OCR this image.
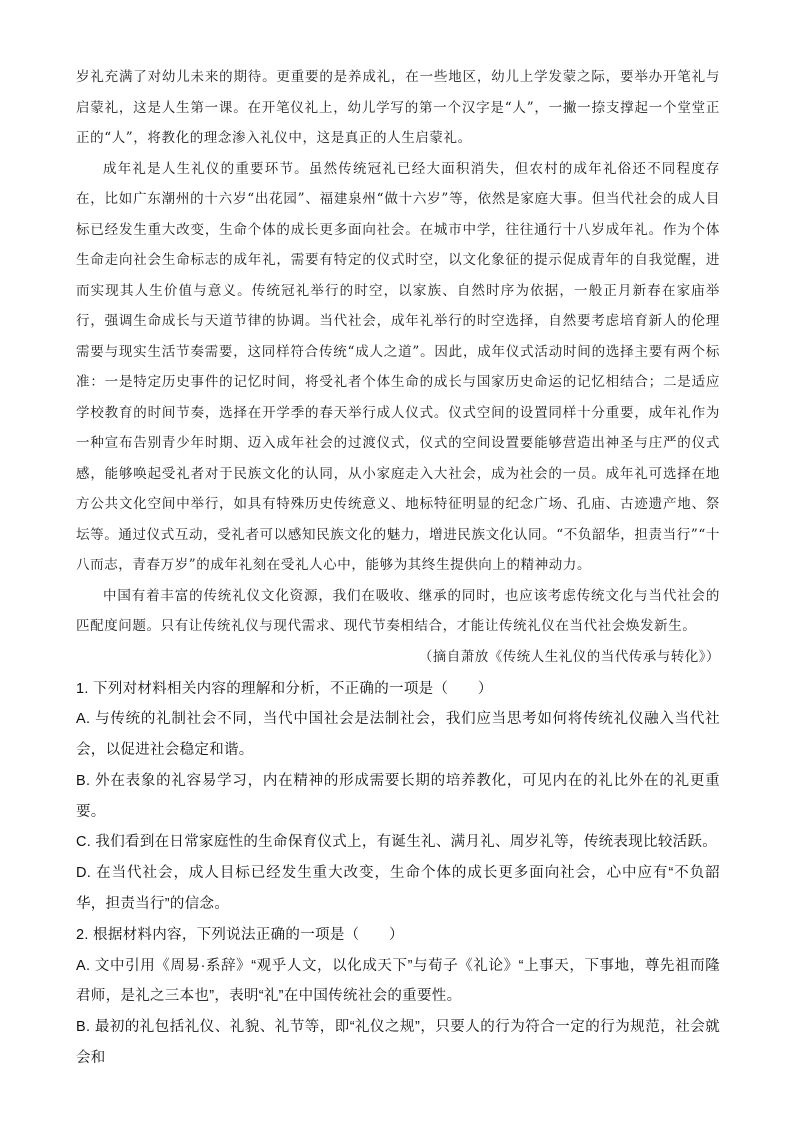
岁礼充满了对幼儿未来的期待。更重要的是养成礼，在一些地区，幼儿上学发蒙之际，要举办开笔礼与启蒙礼，这是人生第一课。在开笔仪礼上，幼儿学写的第一个汉字是“人”，一撇一捺支撑起一个堂堂正正的“人”，将教化的理念渗入礼仪中，这是真正的人生启蒙礼。

成年礼是人生礼仪的重要环节。虽然传统冠礼已经大面积消失，但农村的成年礼俗还不同程度存在，比如广东潮州的十六岁“出花园”、福建泉州“做十六岁”等，依然是家庭大事。但当代社会的成人目标已经发生重大改变，生命个体的成长更多面向社会。在城市中学，往往通行十八岁成年礼。作为个体生命走向社会生命标志的成年礼，需要有特定的仪式时空，以文化象征的提示促成青年的自我觉醒，进而实现其人生价值与意义。传统冠礼举行的时空，以家族、自然时序为依据，一般正月新春在家庙举行，强调生命成长与天道节律的协调。当代社会，成年礼举行的时空选择，自然要考虑培育新人的伦理需要与现实生活节奏需要，这同样符合传统“成人之道”。因此，成年仪式活动时间的选择主要有两个标准：一是特定历史事件的记忆时间，将受礼者个体生命的成长与国家历史命运的记忆相结合；二是适应学校教育的时间节奏，选择在开学季的春天举行成人仪式。仪式空间的设置同样十分重要，成年礼作为一种宣布告别青少年时期、迈入成年社会的过渡仪式，仪式的空间设置要能够营造出神圣与庄严的仪式感，能够唤起受礼者对于民族文化的认同，从小家庭走入大社会，成为社会的一员。成年礼可选择在地方公共文化空间中举行，如具有特殊历史传统意义、地标特征明显的纪念广场、孔庙、古迹遗产地、祭坛等。通过仪式互动，受礼者可以感知民族文化的魅力，增进民族文化认同。“不负韶华，担责当行”“十八而志，青春万岁”的成年礼刻在受礼人心中，能够为其终生提供向上的精神动力。

中国有着丰富的传统礼仪文化资源，我们在吸收、继承的同时，也应该考虑传统文化与当代社会的匹配度问题。只有让传统礼仪与现代需求、现代节奏相结合，才能让传统礼仪在当代社会焕发新生。

（摘自萧放《传统人生礼仪的当代传承与转化》）

1. 下列对材料相关内容的理解和分析，不正确的一项是（　　）

A. 与传统的礼制社会不同，当代中国社会是法制社会，我们应当思考如何将传统礼仪融入当代社会，以促进社会稳定和谐。

B. 外在表象的礼容易学习，内在精神的形成需要长期的培养教化，可见内在的礼比外在的礼更重要。

C. 我们看到在日常家庭性的生命保育仪式上，有诞生礼、满月礼、周岁礼等，传统表现比较活跃。

D. 在当代社会，成人目标已经发生重大改变，生命个体的成长更多面向社会，心中应有“不负韶华，担责当行”的信念。

2. 根据材料内容，下列说法正确的一项是（　　）

A. 文中引用《周易·系辞》“观乎人文，以化成天下”与荀子《礼论》“上事天，下事地，尊先祖而隆君师，是礼之三本也”，表明“礼”在中国传统社会的重要性。

B. 最初的礼包括礼仪、礼貌、礼节等，即“礼仪之规”，只要人的行为符合一定的行为规范，社会就会和
